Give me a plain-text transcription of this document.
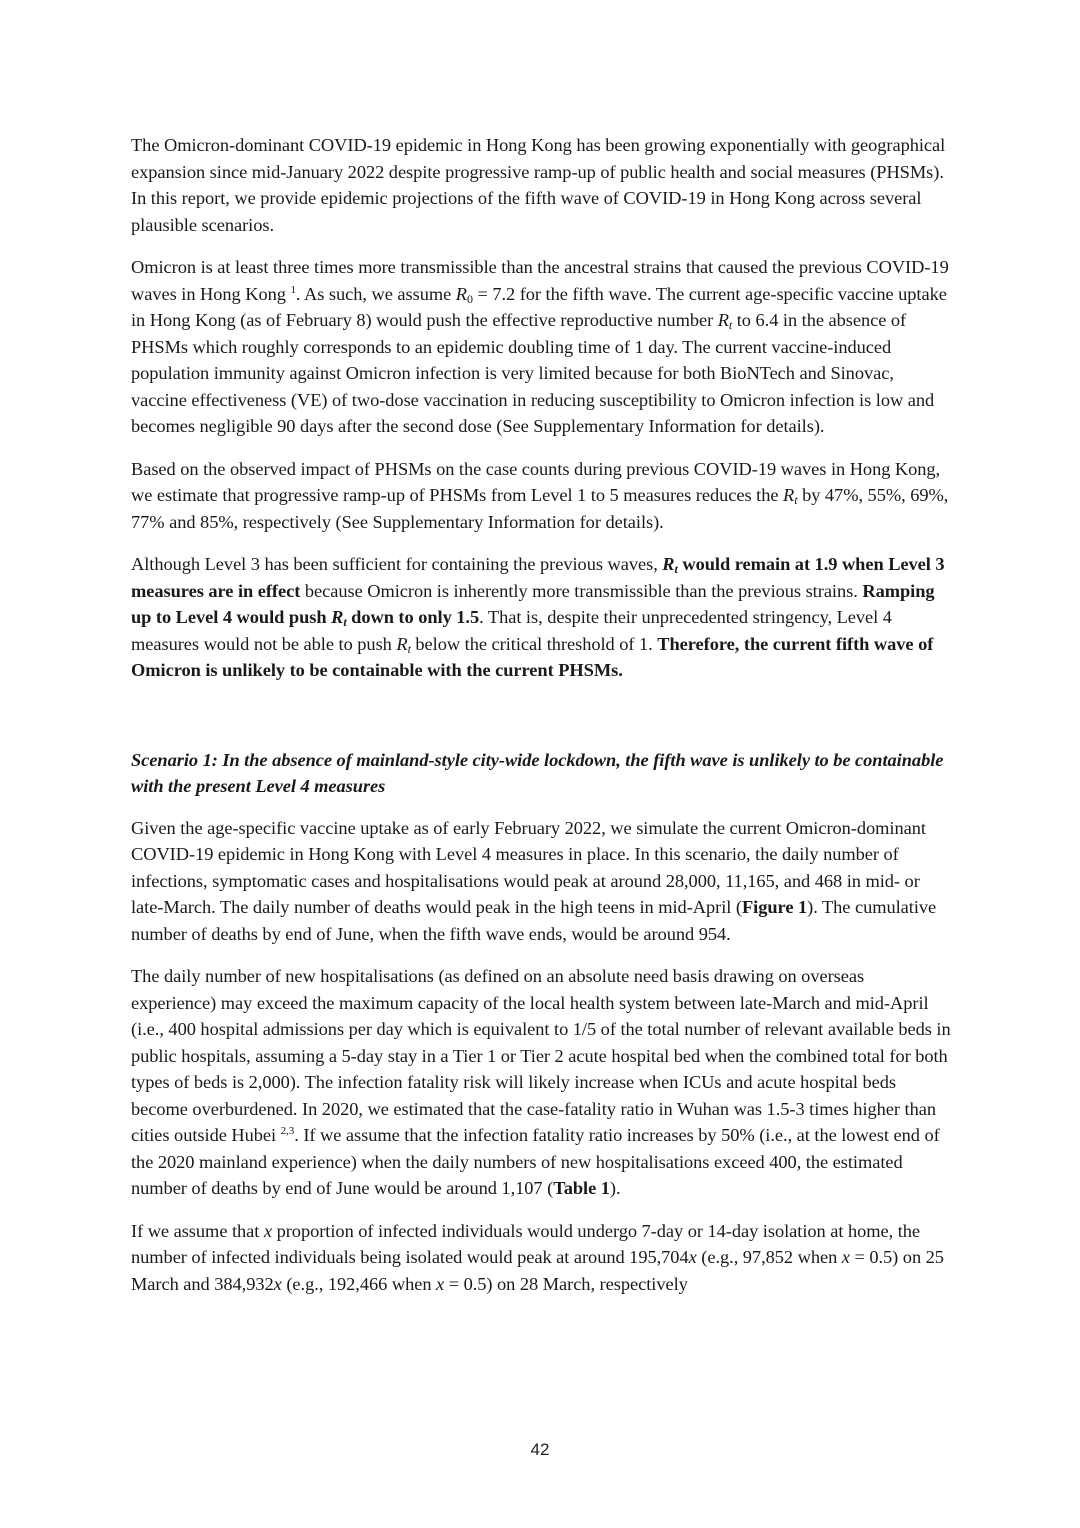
The Omicron-dominant COVID-19 epidemic in Hong Kong has been growing exponentially with geographical expansion since mid-January 2022 despite progressive ramp-up of public health and social measures (PHSMs). In this report, we provide epidemic projections of the fifth wave of COVID-19 in Hong Kong across several plausible scenarios.

Omicron is at least three times more transmissible than the ancestral strains that caused the previous COVID-19 waves in Hong Kong $^1$. As such, we assume $R_0 = 7.2$ for the fifth wave. The current age-specific vaccine uptake in Hong Kong (as of February 8) would push the effective reproductive number $R_t$ to 6.4 in the absence of PHSMs which roughly corresponds to an epidemic doubling time of 1 day. The current vaccine-induced population immunity against Omicron infection is very limited because for both BioNTech and Sinovac, vaccine effectiveness (VE) of two-dose vaccination in reducing susceptibility to Omicron infection is low and becomes negligible 90 days after the second dose (See Supplementary Information for details).

Based on the observed impact of PHSMs on the case counts during previous COVID-19 waves in Hong Kong, we estimate that progressive ramp-up of PHSMs from Level 1 to 5 measures reduces the $R_t$ by 47%, 55%, 69%, 77% and 85%, respectively (See Supplementary Information for details).

Although Level 3 has been sufficient for containing the previous waves, $R_t$ would remain at 1.9 when Level 3 measures are in effect because Omicron is inherently more transmissible than the previous strains. Ramping up to Level 4 would push $R_t$ down to only 1.5. That is, despite their unprecedented stringency, Level 4 measures would not be able to push $R_t$ below the critical threshold of 1. Therefore, the current fifth wave of Omicron is unlikely to be containable with the current PHSMs.

Scenario 1: In the absence of mainland-style city-wide lockdown, the fifth wave is unlikely to be containable with the present Level 4 measures

Given the age-specific vaccine uptake as of early February 2022, we simulate the current Omicron-dominant COVID-19 epidemic in Hong Kong with Level 4 measures in place. In this scenario, the daily number of infections, symptomatic cases and hospitalisations would peak at around 28,000, 11,165, and 468 in mid- or late-March. The daily number of deaths would peak in the high teens in mid-April (Figure 1). The cumulative number of deaths by end of June, when the fifth wave ends, would be around 954.

The daily number of new hospitalisations (as defined on an absolute need basis drawing on overseas experience) may exceed the maximum capacity of the local health system between late-March and mid-April (i.e., 400 hospital admissions per day which is equivalent to 1/5 of the total number of relevant available beds in public hospitals, assuming a 5-day stay in a Tier 1 or Tier 2 acute hospital bed when the combined total for both types of beds is 2,000). The infection fatality risk will likely increase when ICUs and acute hospital beds become overburdened. In 2020, we estimated that the case-fatality ratio in Wuhan was 1.5-3 times higher than cities outside Hubei $^{2,3}$. If we assume that the infection fatality ratio increases by 50% (i.e., at the lowest end of the 2020 mainland experience) when the daily numbers of new hospitalisations exceed 400, the estimated number of deaths by end of June would be around 1,107 (Table 1).

If we assume that x proportion of infected individuals would undergo 7-day or 14-day isolation at home, the number of infected individuals being isolated would peak at around 195,704x (e.g., 97,852 when x = 0.5) on 25 March and 384,932x (e.g., 192,466 when x = 0.5) on 28 March, respectively

42
